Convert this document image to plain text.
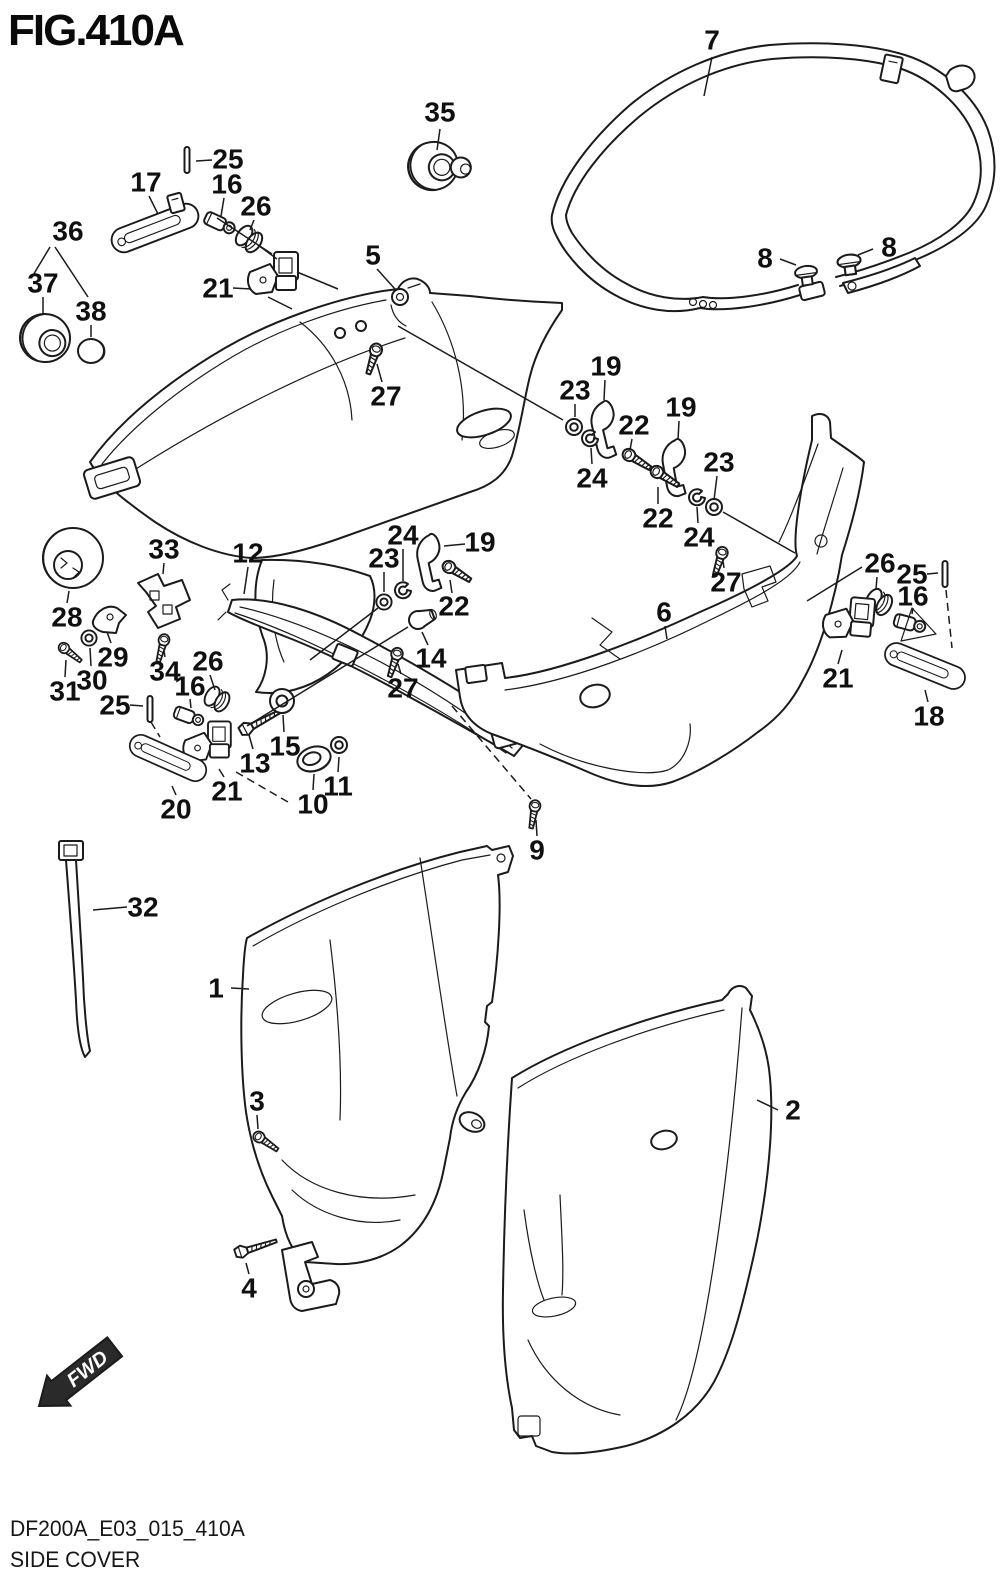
FWD
7
35
25
17 16
26
36
5
37
8	8
21
38
27	23
19
22
19
24
23
22
24
27
6
26 25
16
33 12	23
24 19
22
27
14
28
29 34
30
31
26
16
25
13
15
21
20	10
11
9
32
1
3	2
4
18
21
FIG.410A
DF200A_E03_015_410A
SIDE COVER
